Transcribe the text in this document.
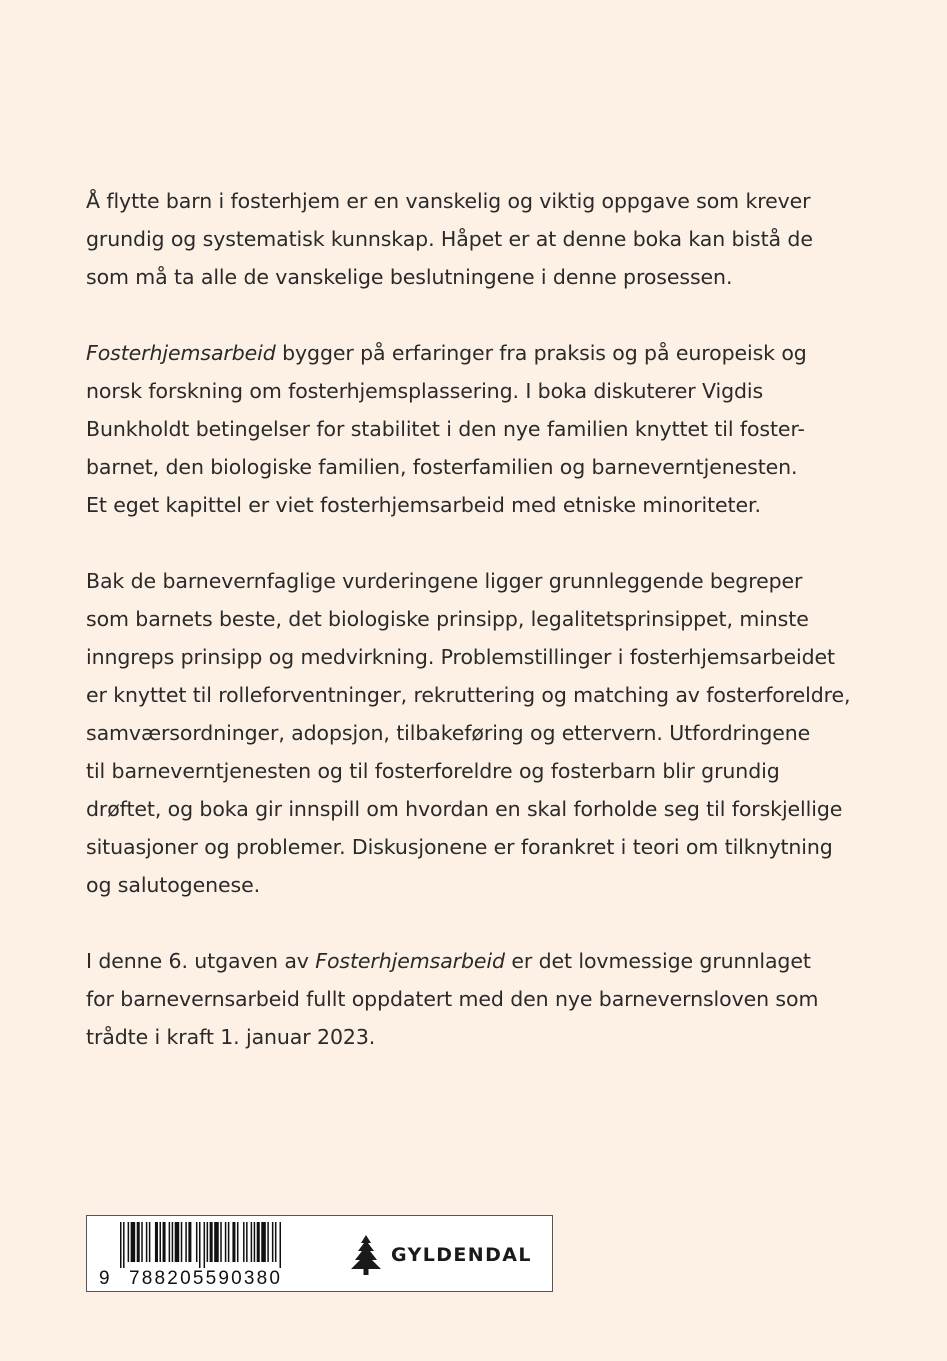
Å flytte barn i fosterhjem er en vanskelig og viktig oppgave som krever
grundig og systematisk kunnskap. Håpet er at denne boka kan bistå de
som må ta alle de vanskelige beslutningene i denne prosessen.

Fosterhjemsarbeid bygger på erfaringer fra praksis og på europeisk og
norsk forskning om fosterhjemsplassering. I boka diskuterer Vigdis
Bunkholdt betingelser for stabilitet i den nye familien knyttet til foster-
barnet, den biologiske familien, fosterfamilien og barneverntjenesten.
Et eget kapittel er viet fosterhjemsarbeid med etniske minoriteter.

Bak de barnevernfaglige vurderingene ligger grunnleggende begreper
som barnets beste, det biologiske prinsipp, legalitetsprinsippet, minste
inngreps prinsipp og medvirkning. Problemstillinger i fosterhjemsarbeidet
er knyttet til rolleforventninger, rekruttering og matching av fosterforeldre,
samværsordninger, adopsjon, tilbakeføring og ettervern. Utfordringene
til barneverntjenesten og til fosterforeldre og fosterbarn blir grundig
drøftet, og boka gir innspill om hvordan en skal forholde seg til forskjellige
situasjoner og problemer. Diskusjonene er forankret i teori om tilknytning
og salutogenese.

I denne 6. utgaven av Fosterhjemsarbeid er det lovmessige grunnlaget
for barnevernsarbeid fullt oppdatert med den nye barnevernsloven som
trådte i kraft 1. januar 2023.

9 788205590380
GYLDENDAL
